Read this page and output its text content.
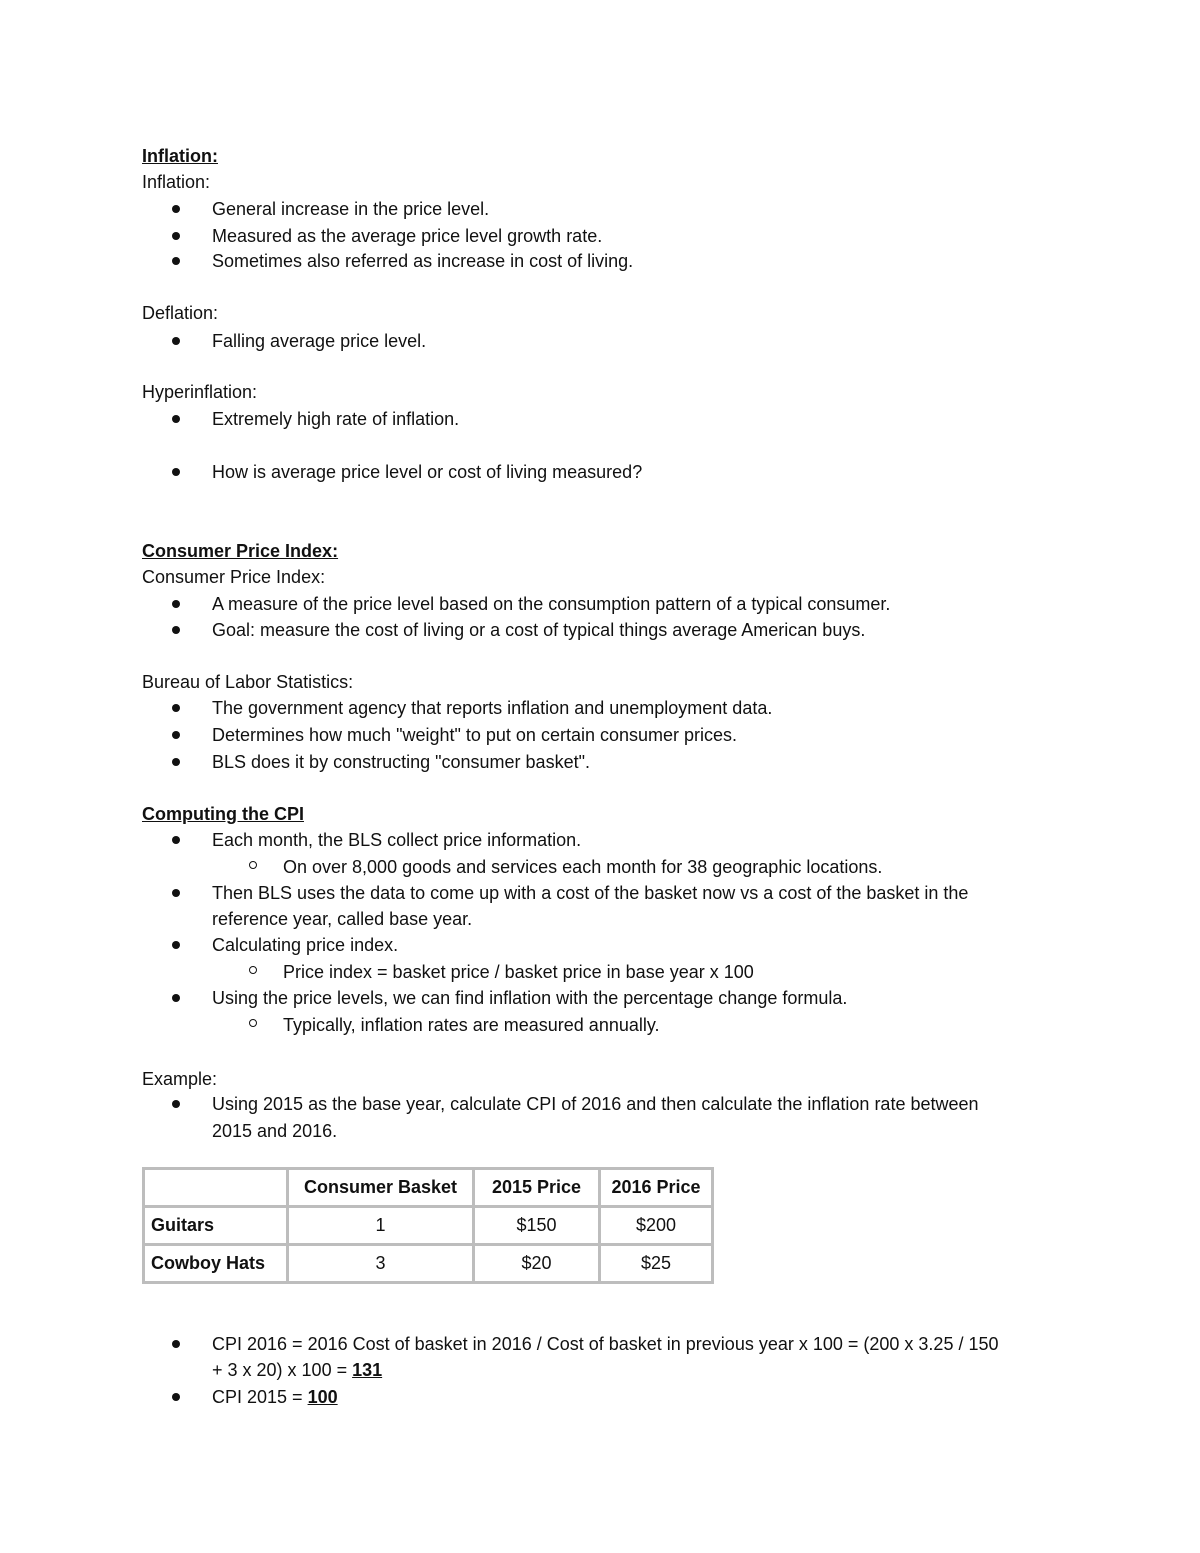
Inflation:
Inflation:
General increase in the price level.
Measured as the average price level growth rate.
Sometimes also referred as increase in cost of living.
Deflation:
Falling average price level.
Hyperinflation:
Extremely high rate of inflation.
How is average price level or cost of living measured?
Consumer Price Index:
Consumer Price Index:
A measure of the price level based on the consumption pattern of a typical consumer.
Goal: measure the cost of living or a cost of typical things average American buys.
Bureau of Labor Statistics:
The government agency that reports inflation and unemployment data.
Determines how much "weight" to put on certain consumer prices.
BLS does it by constructing "consumer basket".
Computing the CPI
Each month, the BLS collect price information.
On over 8,000 goods and services each month for 38 geographic locations.
Then BLS uses the data to come up with a cost of the basket now vs a cost of the basket in the
reference year, called base year.
Calculating price index.
Price index = basket price / basket price in base year x 100
Using the price levels, we can find inflation with the percentage change formula.
Typically, inflation rates are measured annually.
Example:
Using 2015 as the base year, calculate CPI of 2016 and then calculate the inflation rate between
2015 and 2016.
	Consumer Basket	2015 Price	2016 Price
Guitars	1	$150	$200
Cowboy Hats	3	$20	$25
CPI 2016 = 2016 Cost of basket in 2016 / Cost of basket in previous year x 100 = (200 x 3.25 / 150
+ 3 x 20) x 100 = 131
CPI 2015 = 100
